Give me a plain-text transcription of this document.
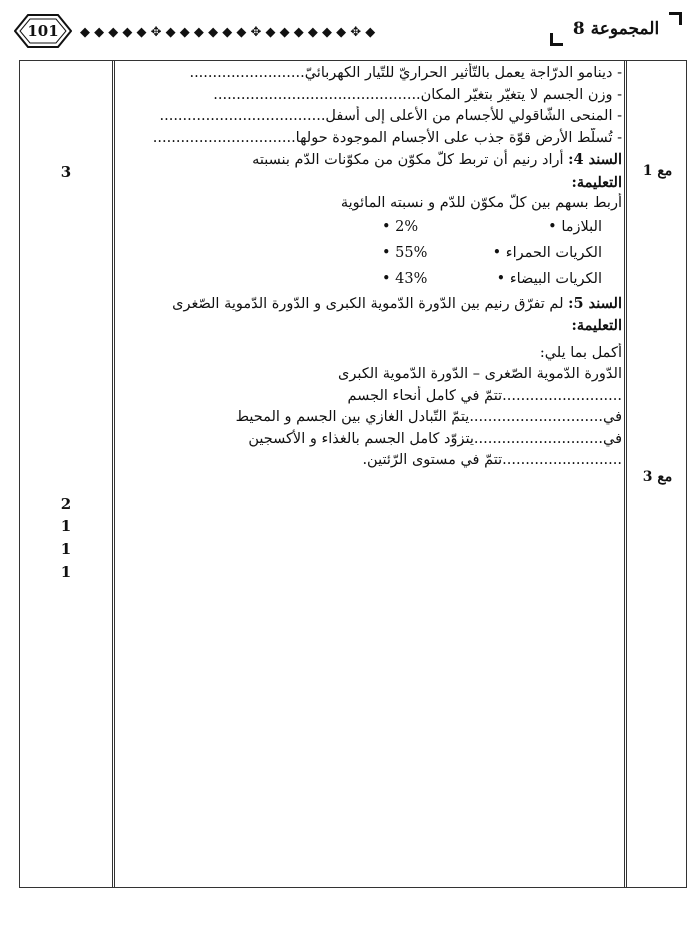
101 ◆ ◆ ◆ ◆ ◆ ✥ ◆ ◆ ◆ ◆ ◆ ◆ ✥ ◆ ◆ ◆ ◆ ◆ ◆ ✥ ◆	المجموعة 8
3
2
1
1
1
مع 1
مع 3

- دينامو الدرّاجة يعمل بالتّأثير الحراريّ للتّيار الكهربائيّ.........................

- وزن الجسم لا يتغيّر بتغيّر المكان.............................................

- المنحى الشّاقولي للأجسام من الأعلى إلى أسفل....................................

- تُسلّط الأرض قوّة جذب على الأجسام الموجودة حولها...............................

السند 4: أراد رنيم أن تربط كلّ مكوّن من مكوّنات الدّم بنسبته

التعليمة:

أربط بسهم بين كلّ مكوّن للدّم و نسبته المائوية

البلازما •
• 2%
الكريات الحمراء •
• 55%
الكريات البيضاء •
• 43%

السند 5: لم تفرّق رنيم بين الدّورة الدّموية الكبرى و الدّورة الدّموية الصّغرى

التعليمة:

أكمل بما يلي:

الدّورة الدّموية الصّغرى – الدّورة الدّموية الكبرى

..........................تتمّ في كامل أنحاء الجسم

في.............................يتمّ التّبادل الغازي بين الجسم و المحيط

في............................يتزوّد كامل الجسم بالغذاء و الأكسجين

..........................تتمّ في مستوى الرّئتين.
